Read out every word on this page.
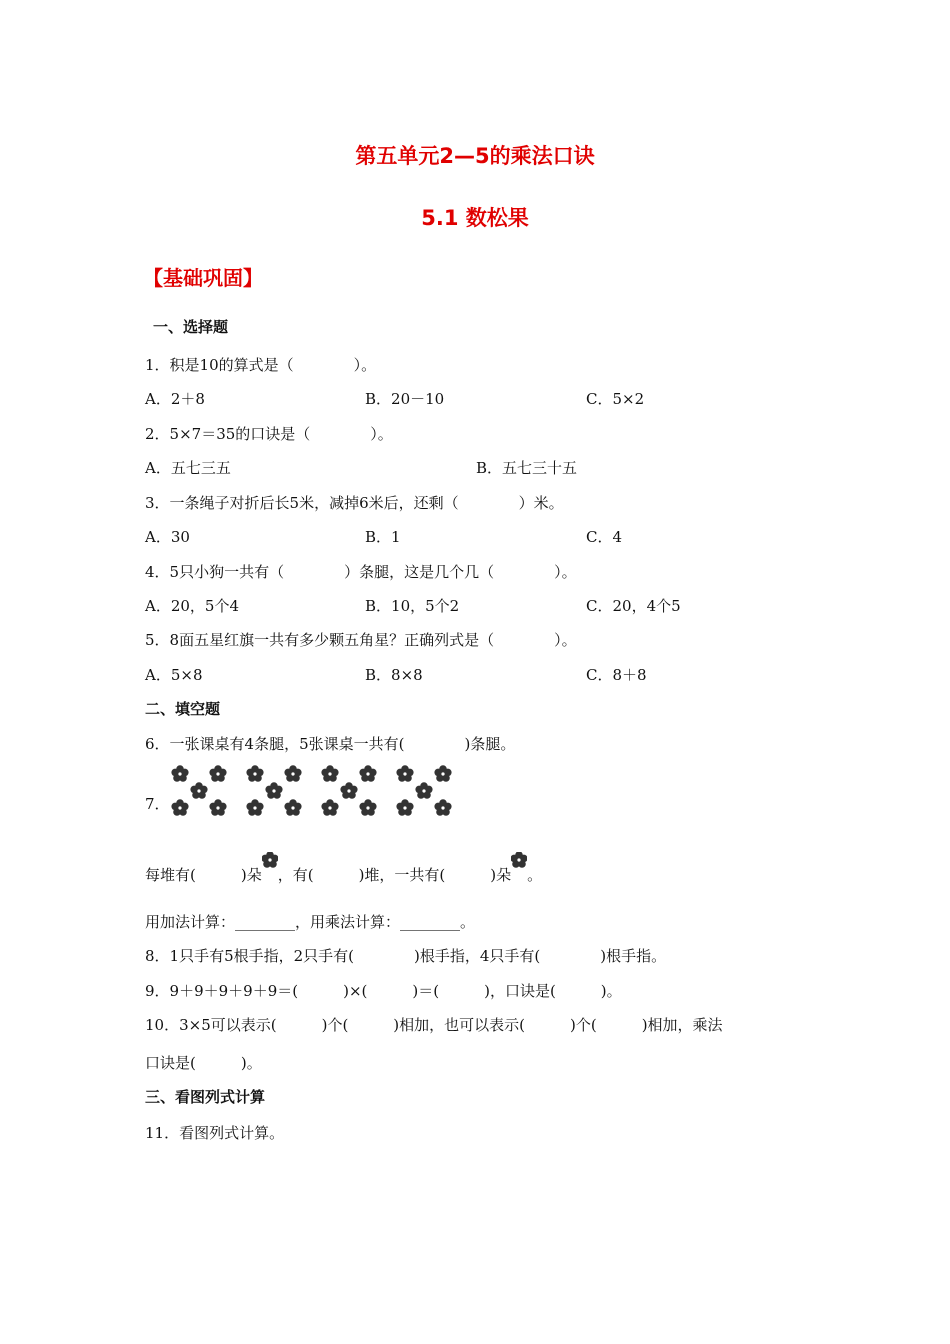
第五单元2—5的乘法口诀
5.1 数松果
【基础巩固】
一、选择题
1．积是10的算式是（　　　　）。
A．2＋8	B．20－10	C．5×2
2．5×7＝35的口诀是（　　　　）。
A．五七三五	B．五七三十五
3．一条绳子对折后长5米，减掉6米后，还剩（　　　　）米。
A．30	B．1	C．4
4．5只小狗一共有（　　　　）条腿，这是几个几（　　　　）。
A．20，5个4	B．10，5个2	C．20，4个5
5．8面五星红旗一共有多少颗五角星？正确列式是（　　　　）。
A．5×8	B．8×8	C．8＋8
二、填空题
6．一张课桌有4条腿，5张课桌一共有(　　　　)条腿。
7．
每堆有(　　　)朵 ，有(　　　)堆，一共有(　　　)朵 。
用加法计算：________，用乘法计算：________。
8．1只手有5根手指，2只手有(　　　　)根手指，4只手有(　　　　)根手指。
9．9＋9＋9＋9＋9＝(　　　)×(　　　)＝(　　　)，口诀是(　　　)。
10．3×5可以表示(　　　)个(　　　)相加，也可以表示(　　　)个(　　　)相加，乘法
口诀是(　　　)。
三、看图列式计算
11．看图列式计算。
